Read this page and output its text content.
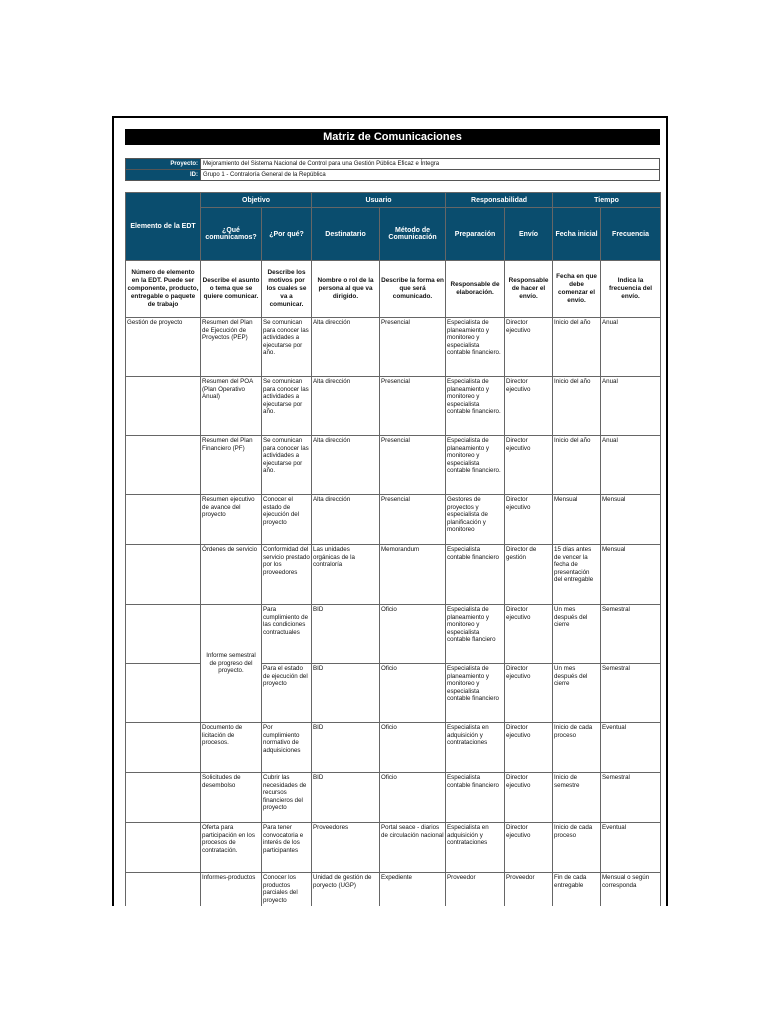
Matriz de Comunicaciones
Proyecto:	Mejoramiento del Sistema Nacional de Control para una Gestión Pública Eficaz e Íntegra
ID:	Grupo 1 - Contraloría General de la República
Elemento de la EDT	Objetivo		Usuario		Responsabilidad		Tiempo	
	¿Qué comunicamos?	¿Por qué?	Destinatario	Método de Comunicación	Preparación	Envío	Fecha inicial	Frecuencia
Número de elemento en la EDT. Puede ser componente, producto, entregable o paquete de trabajo	Describe el asunto o tema que se quiere comunicar.	Describe los motivos por los cuales se va a comunicar.	Nombre o rol de la persona al que va dirigido.	Describe la forma en que será comunicado.	Responsable de elaboración.	Responsable de hacer el envío.	Fecha en que debe comenzar el envío.	Indica la frecuencia del envío.
Gestión de proyecto	Resumen del Plan de Ejecución de Proyectos (PEP)	Se comunican para conocer las actividades a ejecutarse por año.	Alta dirección	Presencial	Especialista de planeamiento y monitoreo y especialista contable financiero.	Director ejecutivo	Inicio del año	Anual
	Resumen del POA (Plan Operativo Anual)	Se comunican para conocer las actividades a ejecutarse por año.	Alta dirección	Presencial	Especialista de planeamiento y monitoreo y especialista contable financiero.	Director ejecutivo	Inicio del año	Anual
	Resumen del Plan Financiero (PF)	Se comunican para conocer las actividades a ejecutarse por año.	Alta dirección	Presencial	Especialista de planeamiento y monitoreo y especialista contable financiero.	Director ejecutivo	Inicio del año	Anual
	Resumen ejecutivo de avance del proyecto	Conocer el estado de ejecución del proyecto	Alta dirección	Presencial	Gestores de proyectos y especialista de planificación y monitoreo	Director ejecutivo	Mensual	Mensual
	Órdenes de servicio	Conformidad del servicio prestado por los proveedores	Las unidades orgánicas de la contraloría	Memorandum	Especialista contable financiero	Director de gestión	15 días antes de vencer la fecha de presentación del entregable	Mensual
	Informe semestral de progreso del proyecto.	Para cumplimiento de las condiciones contractuales	BID	Oficio	Especialista de planeamiento y monitoreo y especialista contable flanciero	Director ejecutivo	Un mes después del cierre	Semestral
		Para el estado de ejecución del proyecto	BID	Oficio	Especialista de planeamiento y monitoreo y especialista contable financiero	Director ejecutivo	Un mes después del cierre	Semestral
	Documento de licitación de procesos.	Por cumplimiento normativo de adquisiciones	BID	Oficio	Especialista en adquisición y contrataciones	Director ejecutivo	Inicio de cada proceso	Eventual
	Solicitudes de desembolso	Cubrir las necesidades de recursos financieros del proyecto	BID	Oficio	Especialista contable financiero	Director ejecutivo	Inicio de semestre	Semestral
	Oferta para participación en los procesos de contratación.	Para tener convocatoria e interés de los participantes	Proveedores	Portal seace - diarios de circulación nacional	Especialista en adquisición y contrataciones	Director ejecutivo	Inicio de cada proceso	Eventual
	Informes-productos	Conocer los productos parciales del proyecto	Unidad de gestión de poryecto (UGP)	Expediente	Proveedor	Proveedor	Fin de cada entregable	Mensual o según corresponda
